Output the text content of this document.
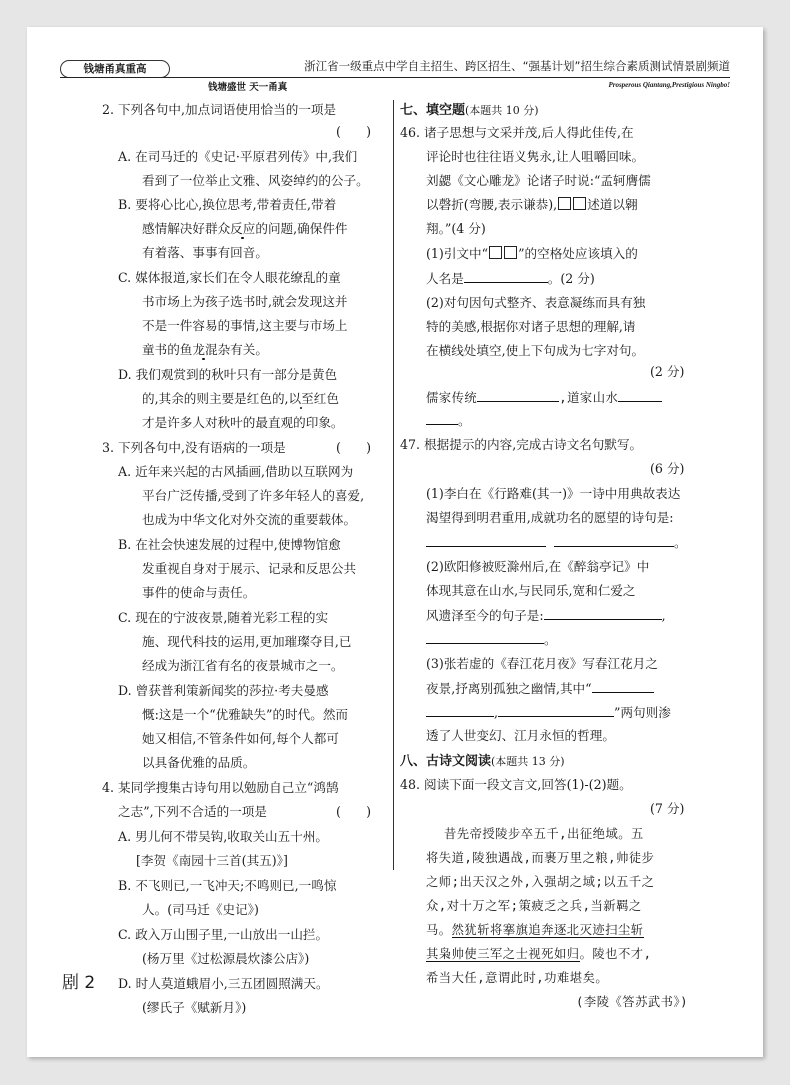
钱塘甬真重高	浙江省一级重点中学自主招生、跨区招生、“强基计划”招生综合素质测试情景剧频道
钱塘盛世 天一甬真	Prosperous Qiantang,Prestigious Ningbo!
2. 下列各句中,加点词语使用恰当的一项是
(　　)
A. 在司马迁的《史记·平原君列传》中,我们
看到了一位举止文雅、风姿绰约的公子。
B. 要将心比心,换位思考,带着责任,带着
感情解决好群众反应的问题,确保件件
有着落、事事有回音。
C. 媒体报道,家长们在令人眼花缭乱的童
书市场上为孩子选书时,就会发现这并
不是一件容易的事情,这主要与市场上
童书的鱼龙混杂有关。
D. 我们观赏到的秋叶只有一部分是黄色
的,其余的则主要是红色的,以至红色
才是许多人对秋叶的最直观的印象。
3. 下列各句中,没有语病的一项是	(　　)
A. 近年来兴起的古风插画,借助以互联网为
平台广泛传播,受到了许多年轻人的喜爱,
也成为中华文化对外交流的重要载体。
B. 在社会快速发展的过程中,使博物馆愈
发重视自身对于展示、记录和反思公共
事件的使命与责任。
C. 现在的宁波夜景,随着光彩工程的实
施、现代科技的运用,更加璀璨夺目,已
经成为浙江省有名的夜景城市之一。
D. 曾获普利策新闻奖的莎拉·考夫曼感
慨:这是一个“优雅缺失”的时代。然而
她又相信,不管条件如何,每个人都可
以具备优雅的品质。
4. 某同学搜集古诗句用以勉励自己立“鸿鹄
之志”,下列不合适的一项是	(　　)
A. 男儿何不带吴钩,收取关山五十州。
[李贺《南园十三首(其五)》]
B. 不飞则已,一飞冲天;不鸣则已,一鸣惊
人。(司马迁《史记》)
C. 政入万山围子里,一山放出一山拦。
(杨万里《过松源晨炊漆公店》)
D. 时人莫道蛾眉小,三五团圆照满天。
(缪氏子《赋新月》)
七、填空题(本题共 10 分)
46. 诸子思想与文采并茂,后人得此佳传,在
评论时也往往语义隽永,让人咀嚼回味。
刘勰《文心雕龙》论诸子时说:“孟轲膺儒
以磬折(弯腰,表示谦恭), 述道以翱
翔。”(4 分)
(1)引文中“ ”的空格处应该填入的
人名是	。(2 分)
(2)对句因句式整齐、表意凝练而具有独
特的美感,根据你对诸子思想的理解,请
在横线处填空,使上下句成为七字对句。
(2 分)
儒家传统	,道家山水
。
47. 根据提示的内容,完成古诗文名句默写。
(6 分)
(1)李白在《行路难(其一)》一诗中用典故表达
渴望得到明君重用,成就功名的愿望的诗句是:
。
(2)欧阳修被贬滁州后,在《醉翁亭记》中
体现其意在山水,与民同乐,宽和仁爱之
风遗泽至今的句子是:	,
。
(3)张若虚的《春江花月夜》写春江花月之
夜景,抒离别孤独之幽情,其中“
,	”两句则渗
透了人世变幻、江月永恒的哲理。
八、古诗文阅读(本题共 13 分)
48. 阅读下面一段文言文,回答(1)-(2)题。
(7 分)
昔先帝授陵步卒五千,出征绝域。五
将失道,陵独遇战,而裹万里之粮,帅徒步
之师;出天汉之外,入强胡之域;以五千之
众,对十万之军;策疲乏之兵,当新羁之
马。然犹斩将搴旗追奔逐北灭迹扫尘斩
其枭帅使三军之士视死如归。陵也不才,
希当大任,意谓此时,功难堪矣。
(李陵《答苏武书》)
剧 2
